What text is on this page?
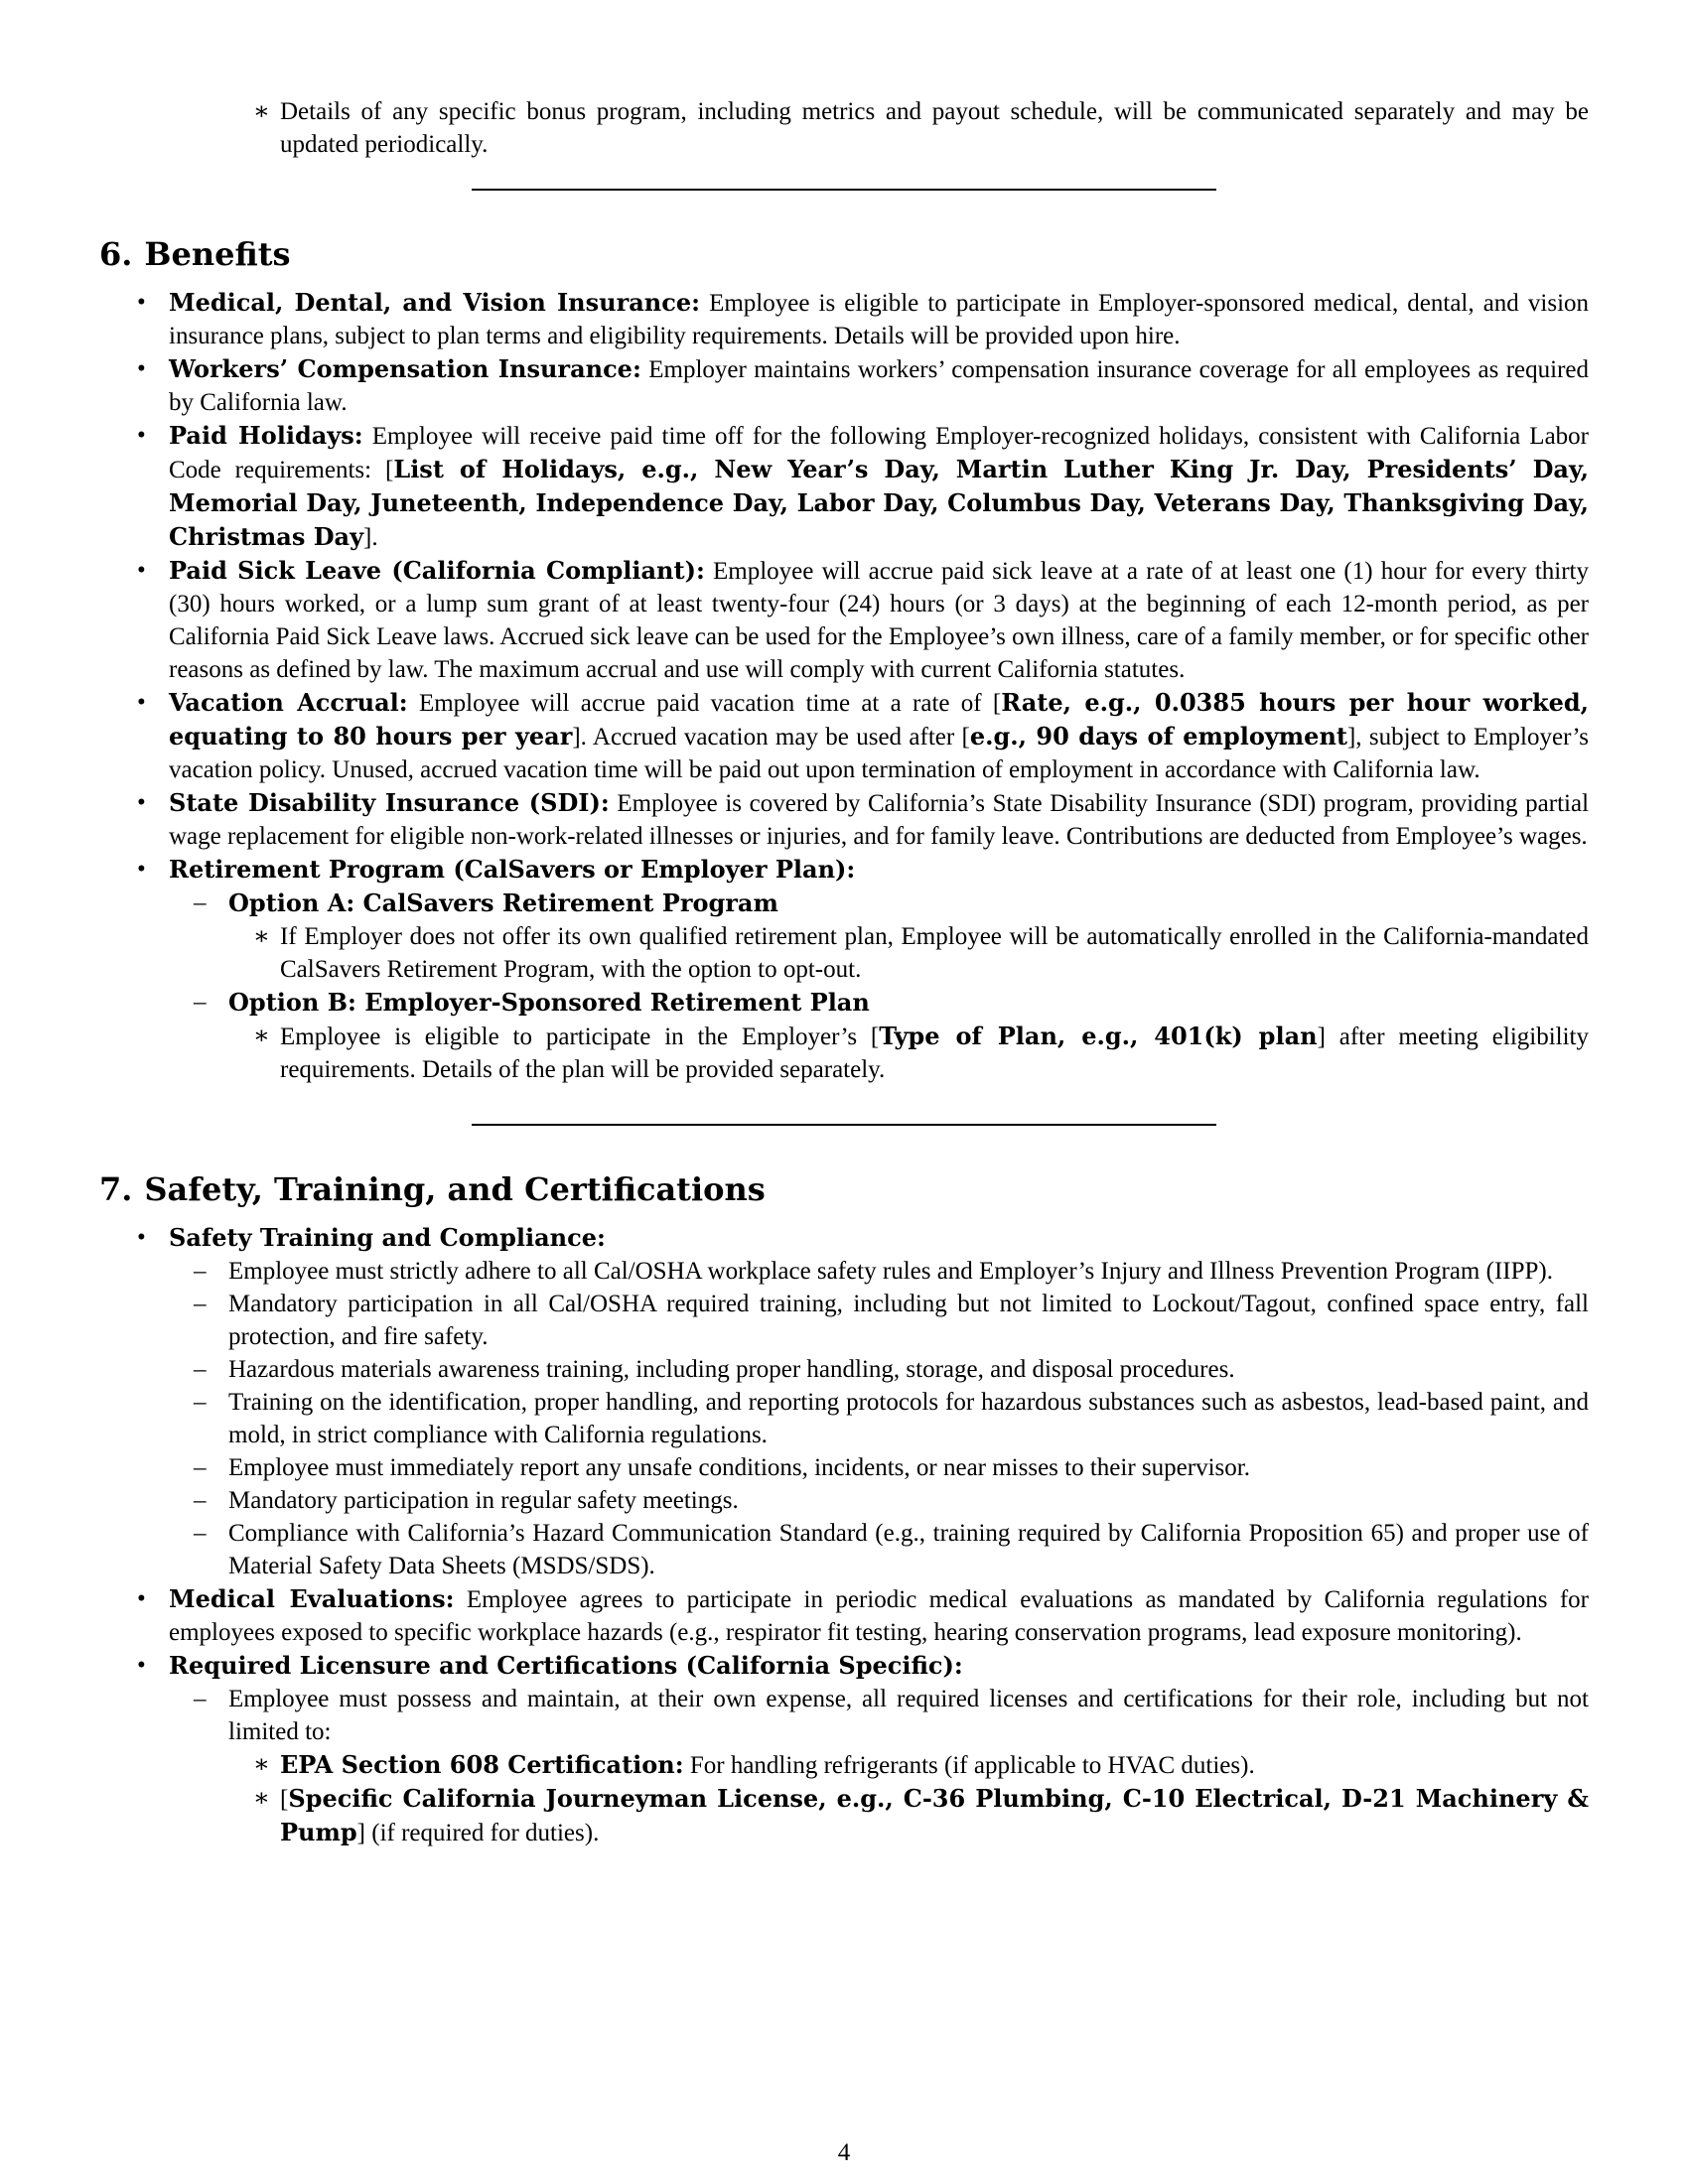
∗ Details of any specific bonus program, including metrics and payout schedule, will be communicated separately and may be updated periodically.
6. Benefits
• Medical, Dental, and Vision Insurance: Employee is eligible to participate in Employer-sponsored medical, dental, and vision insurance plans, subject to plan terms and eligibility requirements. Details will be provided upon hire.
• Workers’ Compensation Insurance: Employer maintains workers’ compensation insurance coverage for all employees as required by California law.
• Paid Holidays: Employee will receive paid time off for the following Employer-recognized holidays, consistent with California Labor Code requirements: [List of Holidays, e.g., New Year’s Day, Martin Luther King Jr. Day, Presidents’ Day, Memorial Day, Juneteenth, Independence Day, Labor Day, Columbus Day, Veterans Day, Thanksgiving Day, Christmas Day].
• Paid Sick Leave (California Compliant): Employee will accrue paid sick leave at a rate of at least one (1) hour for every thirty (30) hours worked, or a lump sum grant of at least twenty-four (24) hours (or 3 days) at the beginning of each 12-month period, as per California Paid Sick Leave laws. Accrued sick leave can be used for the Employee’s own illness, care of a family member, or for specific other reasons as defined by law. The maximum accrual and use will comply with current California statutes.
• Vacation Accrual: Employee will accrue paid vacation time at a rate of [Rate, e.g., 0.0385 hours per hour worked, equating to 80 hours per year]. Accrued vacation may be used after [e.g., 90 days of employment], subject to Employer’s vacation policy. Unused, accrued vacation time will be paid out upon termination of employment in accordance with California law.
• State Disability Insurance (SDI): Employee is covered by California’s State Disability Insurance (SDI) program, providing partial wage replacement for eligible non-work-related illnesses or injuries, and for family leave. Contributions are deducted from Employee’s wages.
• Retirement Program (CalSavers or Employer Plan):
– Option A: CalSavers Retirement Program
∗ If Employer does not offer its own qualified retirement plan, Employee will be automatically enrolled in the California-mandated CalSavers Retirement Program, with the option to opt-out.
– Option B: Employer-Sponsored Retirement Plan
∗ Employee is eligible to participate in the Employer’s [Type of Plan, e.g., 401(k) plan] after meeting eligibility requirements. Details of the plan will be provided separately.
7. Safety, Training, and Certifications
• Safety Training and Compliance:
– Employee must strictly adhere to all Cal/OSHA workplace safety rules and Employer’s Injury and Illness Prevention Program (IIPP).
– Mandatory participation in all Cal/OSHA required training, including but not limited to Lockout/Tagout, confined space entry, fall protection, and fire safety.
– Hazardous materials awareness training, including proper handling, storage, and disposal procedures.
– Training on the identification, proper handling, and reporting protocols for hazardous substances such as asbestos, lead-based paint, and mold, in strict compliance with California regulations.
– Employee must immediately report any unsafe conditions, incidents, or near misses to their supervisor.
– Mandatory participation in regular safety meetings.
– Compliance with California’s Hazard Communication Standard (e.g., training required by California Proposition 65) and proper use of Material Safety Data Sheets (MSDS/SDS).
• Medical Evaluations: Employee agrees to participate in periodic medical evaluations as mandated by California regulations for employees exposed to specific workplace hazards (e.g., respirator fit testing, hearing conservation programs, lead exposure monitoring).
• Required Licensure and Certifications (California Specific):
– Employee must possess and maintain, at their own expense, all required licenses and certifications for their role, including but not limited to:
∗ EPA Section 608 Certification: For handling refrigerants (if applicable to HVAC duties).
∗ [Specific California Journeyman License, e.g., C-36 Plumbing, C-10 Electrical, D-21 Machinery & Pump] (if required for duties).
4
